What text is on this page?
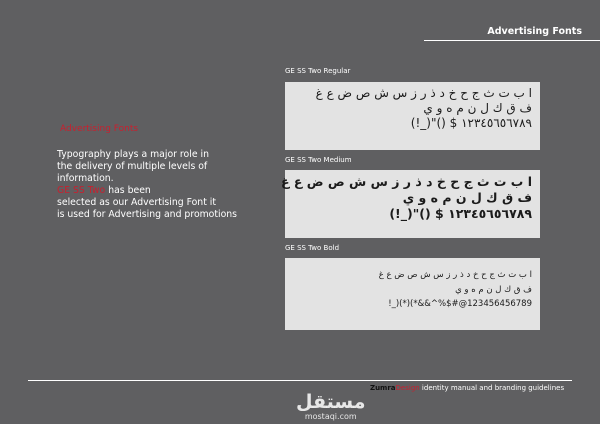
Advertising Fonts
Advertising Fonts
Typography plays a major role in
the delivery of multiple levels of
information.
GE SS Two has been
selected as our Advertising Font it
is used for Advertising and promotions
GE SS Two Regular
ا ب ت ث ج ح خ د ذ ر ز س ش ص ض ع غ
ف ق ك ل ن م ه و ي
١٢٣٤٥٦٥٦٧٨٩ $ ()"(_!)
GE SS Two Medium
ا ب ت ث ج ح خ د ذ ر ز س ش ص ض ع غ
ف ق ك ل ن م ه و ي
١٢٣٤٥٦٥٦٧٨٩ $ ()"(_!)
GE SS Two Bold
ا ب ت ث ج ح خ د ذ ر ز س ش ص ض ع غ
ف ق ك ل ن م ه و ي
!_)(*)(*&&^%$#@123456456789
ZumraDesign identity manual and branding guidelines
مستقل
mostaqi.com
